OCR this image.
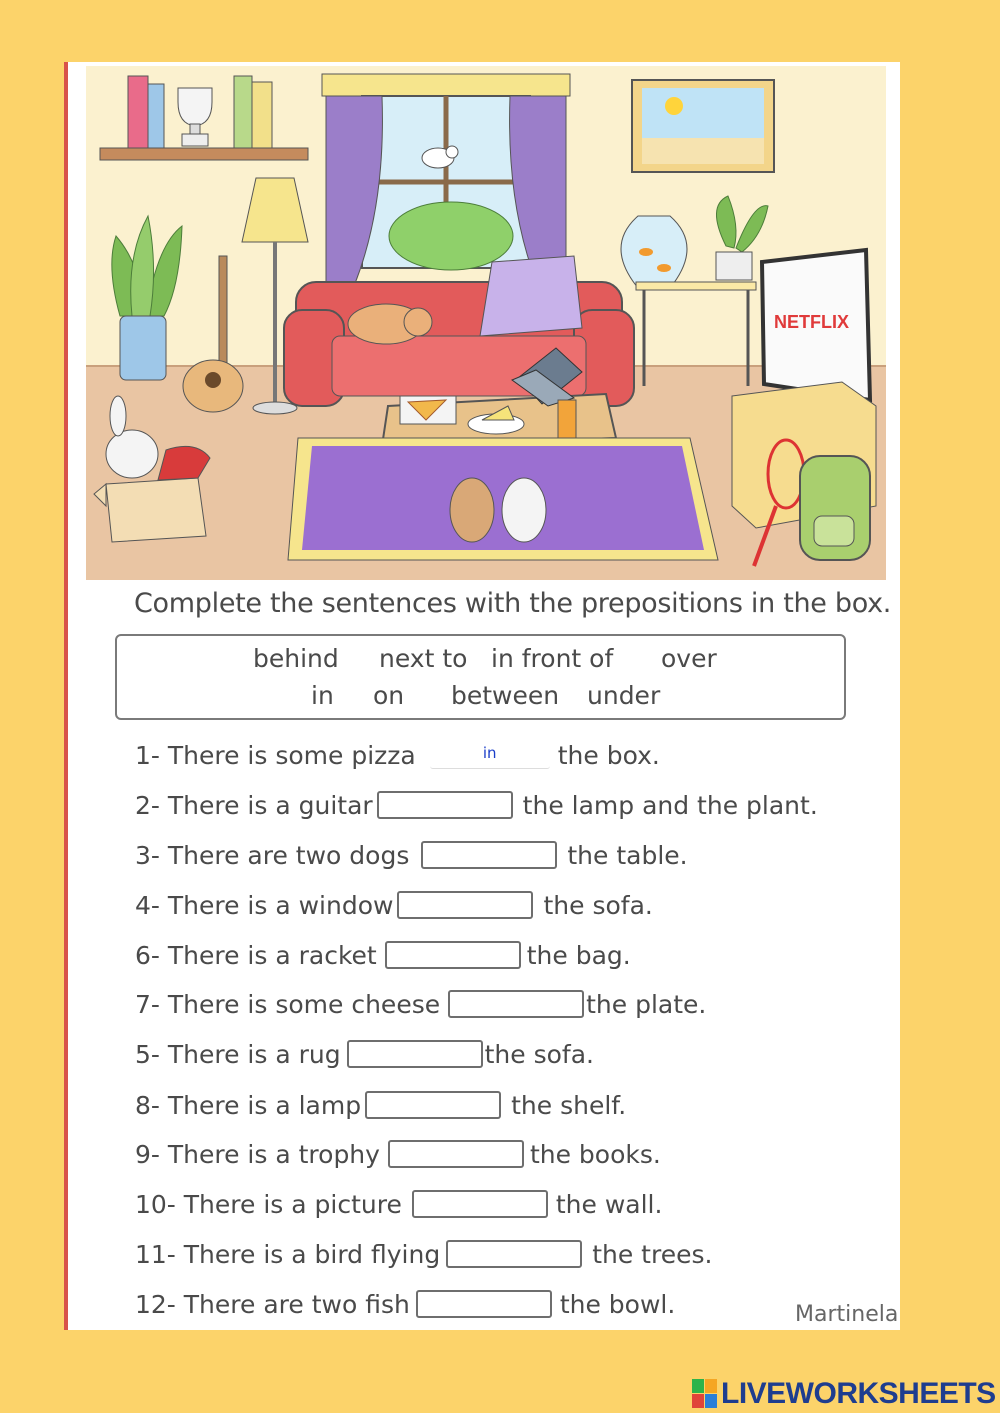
NETFLIX
Complete the sentences with the prepositions in the box.
behind next to in front of over
in on between under
1- There is some pizza	in	the box.
2- There is a guitar	the lamp and the plant.
3- There are two dogs	the table.
4- There is a window	the sofa.
6- There is a racket	the bag.
7- There is some cheese	the plate.
5- There is a rug	the sofa.
8- There is a lamp	the shelf.
9- There is a trophy	the books.
10- There is a picture	the wall.
11- There is a bird flying	the trees.
12- There are two fish	the bowl.	Martinela
LIVEWORKSHEETS
